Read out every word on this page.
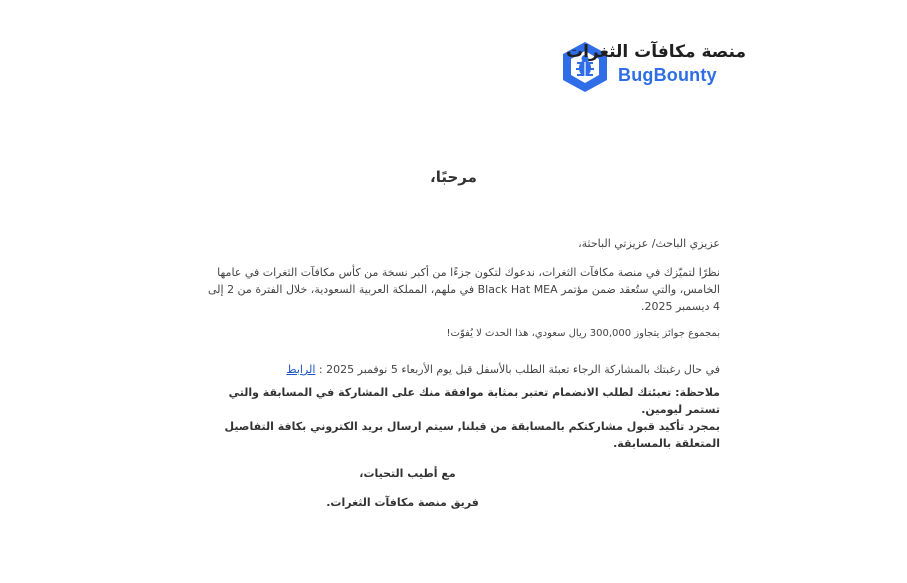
منصة مكافآت الثغرات
BugBounty
مرحبًا،

عزيزي الباحث/ عزيزتي الباحثة،

نظرًا لتميّزك في منصة مكافآت الثغرات، ندعوك لتكون جزءًا من أكبر نسخة من كأس مكافآت الثغرات في عامها الخامس، والتي ستُعقد ضمن مؤتمر Black Hat MEA في ملهم، المملكة العربية السعودية، خلال الفترة من 2 إلى 4 ديسمبر 2025.

بمجموع جوائز يتجاوز 300,000 ريال سعودي، هذا الحدث لا يُفوّت!

في حال رغبتك بالمشاركة الرجاء تعبئة الطلب بالأسفل قبل يوم الأربعاء 5 نوفمبر 2025 : الرابط

ملاحظة: تعبئتك لطلب الانضمام تعتبر بمثابة موافقة منك على المشاركة في المسابقة والتي تستمر ليومين.

بمجرد تأكيد قبول مشاركتكم بالمسابقة من قبلنا, سيتم ارسال بريد الكتروني بكافة التفاصيل المتعلقة بالمسابقة.

مع أطيب التحيات،

فريق منصة مكافآت الثغرات.
